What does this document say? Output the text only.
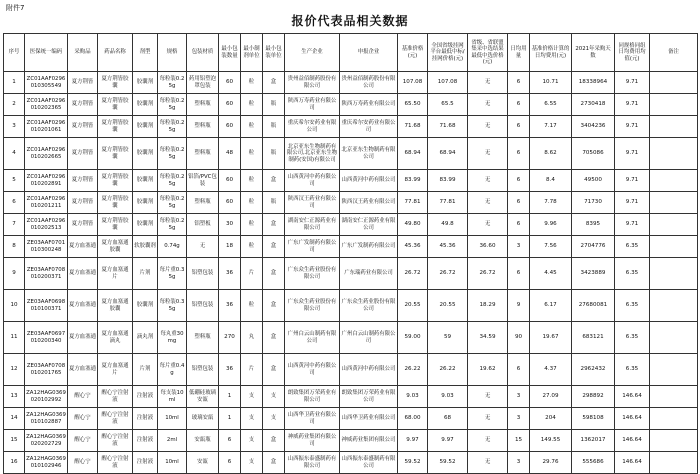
附件7
报价代表品相关数据
序号	医保统一编码	采购品	药品名称	剂型	规格	包装材质	最小包装数量	最小制剂单位	最小包装单位	生产企业	申报企业	基准价格(元)	全国省级挂网平台最低中标/挂网价格(元)	省级、省联盟集采中选结果最低中选价格(元)	日均用量	基准价格计算的日均费用(元)	2021年采购天数	同规格同组日均费用均值(元)	备注
1	ZC01AAF0296010305549	夏方荆皆	夏方荆皆胶囊	胶囊剂	每粒装0.25g	药用铝塑泡罩包装	60	粒	盒	贵州益佰制药股份有限公司	贵州益佰制药股份有限公司	107.08	107.08	无	6	10.71	18338964	9.71	
2	ZC01AAF0296010202365	夏方荆皆	夏方荆皆胶囊	胶囊剂	每粒装0.25g	塑料瓶	60	粒	瓶	陕西万寿药业有限公司	陕西万寿药业有限公司	65.50	65.5	无	6	6.55	2730418	9.71	
3	ZC01AAF0296010201061	夏方荆皆	夏方荆皆胶囊	胶囊剂	每粒装0.25g	塑料瓶	60	粒	瓶	重庆希尔安药业有限公司	重庆希尔安药业有限公司	71.68	71.68	无	6	7.17	3404236	9.71	
4	ZC01AAF0296010202665	夏方荆皆	夏方荆皆胶囊	胶囊剂	每粒装0.25g	塑料瓶	48	粒	瓶	北京亚东生物制药有限公司,北京亚东生物制药(安国)有限公司	北京亚东生物制药有限公司	68.94	68.94	无	6	8.62	705086	9.71	
5	ZC01AAF0296010202891	夏方荆皆	夏方荆皆胶囊	胶囊剂	每粒装0.25g	铝箔/PVC包装	60	粒	盒	山西黄河中药有限公司	山西黄河中药有限公司	83.99	83.99	无	6	8.4	49500	9.71	
6	ZC01AAF0296010201211	夏方荆皆	夏方荆皆胶囊	胶囊剂	每粒装0.25g	塑料瓶	60	粒	瓶	陕西汉王药业有限公司	陕西汉王药业有限公司	77.81	77.81	无	6	7.78	71730	9.71	
7	ZC01AAF0296010202513	夏方荆皆	夏方荆皆胶囊	胶囊剂	每粒装0.25g	铝塑板	30	粒	盒	湖南安仁正源药业有限公司	湖南安仁正源药业有限公司	49.80	49.8	无	6	9.96	8395	9.71	
8	ZE03AAF0701010300248	夏方血塞通	夏方血塞通胶囊	软胶囊剂	0.74g	无	18	粒	盒	广东广发制药有限公司	广东广发制药有限公司	45.36	45.36	36.60	3	7.56	2704776	6.35	
9	ZE03AAF0708010200371	夏方血塞通	夏方血塞通片	片剂	每片重0.35g	铝塑包装	36	片	盒	广东众生药业股份有限公司	广东瑞药业有限公司	26.72	26.72	26.72	6	4.45	3423889	6.35	
10	ZE03AAF0698010100371	夏方血塞通	夏方血塞通胶囊	胶囊剂	每粒装0.35g	铝塑包装	36	粒	盒	广东众生药业股份有限公司	广东众生药业股份有限公司	20.55	20.55	18.29	9	6.17	27680081	6.35	
11	ZE03AAF0697010200340	夏方血塞通	夏方血塞通滴丸	滴丸剂	每丸重30mg	塑料瓶	270	丸	盒	广州白云山制药有限公司	广州白云山制药有限公司	59.00	59	34.59	90	19.67	683121	6.35	
12	ZE03AAF0708010201765	夏方血塞通	夏方血塞通片	片剂	每片重0.4g	铝塑包装	36	片	盒	山西黄河中药有限公司	山西黄河中药有限公司	26.22	26.22	19.62	6	4.37	2962432	6.35	
13	ZA12HAG0369020102992	醒心宁	醒心宁注射液	注射液	每支装10ml	低硼硅玻璃安瓿	1	支	支	朗致集团万荣药业有限公司	朗致集团万荣药业有限公司	9.03	9.03	无	3	27.09	298892	146.64	
14	ZA12HAG0369010102887	醒心宁	醒心宁注射液	注射液	10ml	玻璃安瓿	1	支	支	山西华卫药业有限公司	山西华卫药业有限公司	68.00	68	无	3	204	598108	146.64	
15	ZA12HAG0369020202729	醒心宁	醒心宁注射液	注射液	2ml	安瓿瓶	6	支	盒	神威药业集团有限公司	神威药业集团有限公司	9.97	9.97	无	15	149.55	1362017	146.64	
16	ZA12HAG0369010102946	醒心宁	醒心宁注射液	注射液	10ml	安瓿	6	支	盒	山西振东泰盛制药有限公司	山西振东泰盛制药有限公司	59.52	59.52	无	3	29.76	555686	146.64	
